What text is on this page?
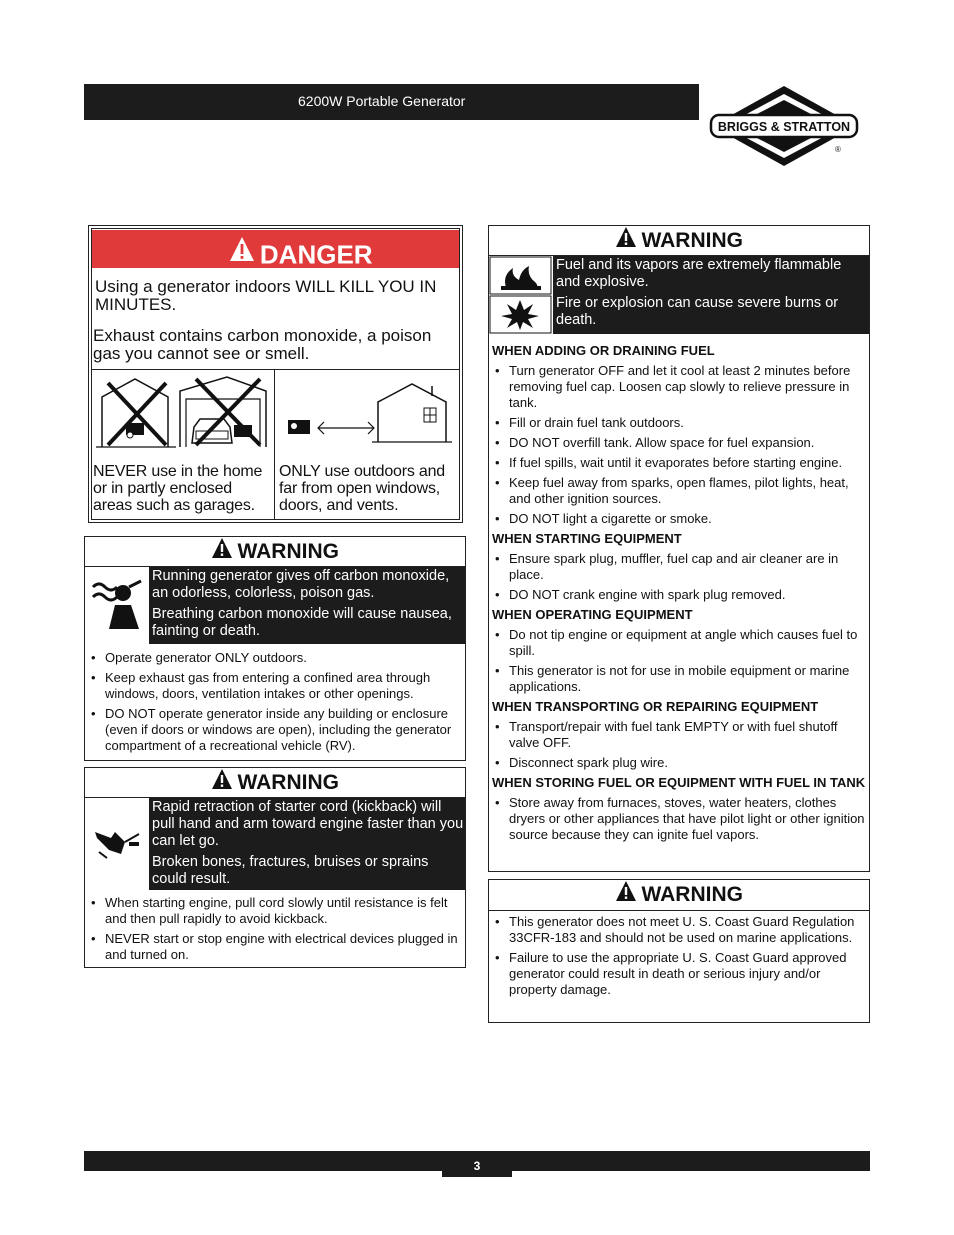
6200W Portable Generator
BRIGGS & STRATTON
®
DANGER
Using a generator indoors WILL KILL YOU IN MINUTES.
Exhaust contains carbon monoxide, a poison gas you cannot see or smell.
NEVER use in the home or in partly enclosed areas such as garages.
ONLY use outdoors and far from open windows, doors, and vents.
WARNING
Running generator gives off carbon monoxide, an odorless, colorless, poison gas.
Breathing carbon monoxide will cause nausea, fainting or death.
• Operate generator ONLY outdoors.
• Keep exhaust gas from entering a confined area through windows, doors, ventilation intakes or other openings.
• DO NOT operate generator inside any building or enclosure (even if doors or windows are open), including the generator compartment of a recreational vehicle (RV).
WARNING
Rapid retraction of starter cord (kickback) will pull hand and arm toward engine faster than you can let go.
Broken bones, fractures, bruises or sprains could result.
• When starting engine, pull cord slowly until resistance is felt and then pull rapidly to avoid kickback.
• NEVER start or stop engine with electrical devices plugged in and turned on.
WARNING
Fuel and its vapors are extremely flammable and explosive.
Fire or explosion can cause severe burns or death.
WHEN ADDING OR DRAINING FUEL
• Turn generator OFF and let it cool at least 2 minutes before removing fuel cap. Loosen cap slowly to relieve pressure in tank.
• Fill or drain fuel tank outdoors.
• DO NOT overfill tank. Allow space for fuel expansion.
• If fuel spills, wait until it evaporates before starting engine.
• Keep fuel away from sparks, open flames, pilot lights, heat, and other ignition sources.
• DO NOT light a cigarette or smoke.
WHEN STARTING EQUIPMENT
• Ensure spark plug, muffler, fuel cap and air cleaner are in place.
• DO NOT crank engine with spark plug removed.
WHEN OPERATING EQUIPMENT
• Do not tip engine or equipment at angle which causes fuel to spill.
• This generator is not for use in mobile equipment or marine applications.
WHEN TRANSPORTING OR REPAIRING EQUIPMENT
• Transport/repair with fuel tank EMPTY or with fuel shutoff valve OFF.
• Disconnect spark plug wire.
WHEN STORING FUEL OR EQUIPMENT WITH FUEL IN TANK
• Store away from furnaces, stoves, water heaters, clothes dryers or other appliances that have pilot light or other ignition source because they can ignite fuel vapors.
WARNING
• This generator does not meet U. S. Coast Guard Regulation 33CFR-183 and should not be used on marine applications.
• Failure to use the appropriate U. S. Coast Guard approved generator could result in death or serious injury and/or property damage.
3
